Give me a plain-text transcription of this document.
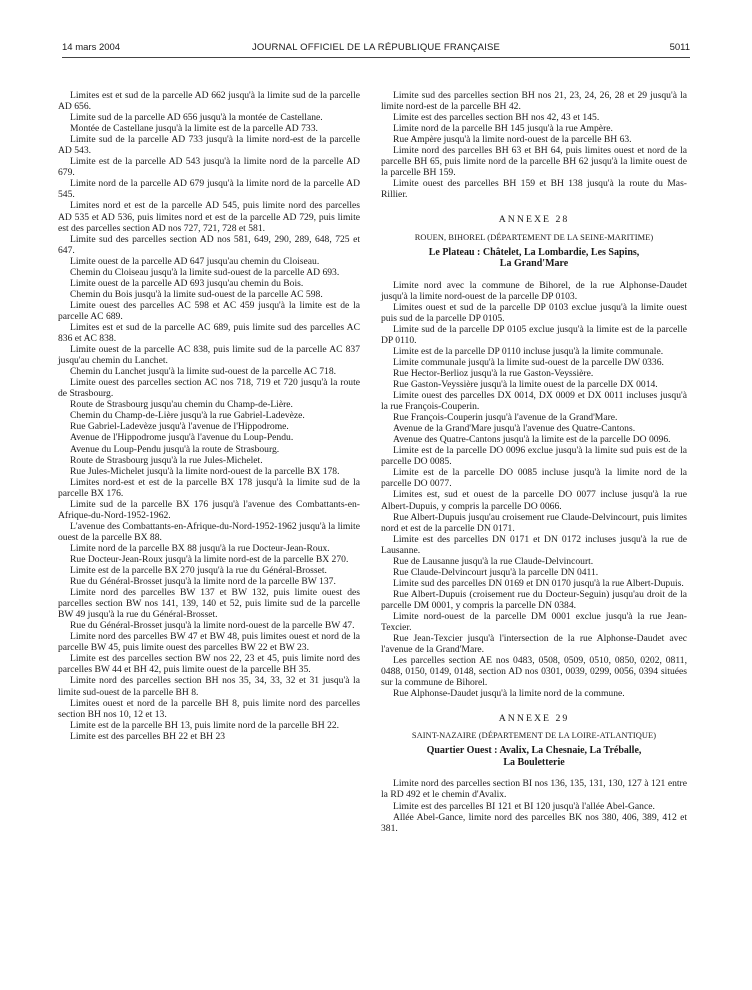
14 mars 2004	JOURNAL OFFICIEL DE LA RÉPUBLIQUE FRANÇAISE	5011

Limites est et sud de la parcelle AD 662 jusqu'à la limite sud de la parcelle AD 656.

Limite sud de la parcelle AD 656 jusqu'à la montée de Castellane.

Montée de Castellane jusqu'à la limite est de la parcelle AD 733.

Limite sud de la parcelle AD 733 jusqu'à la limite nord-est de la parcelle AD 543.

Limite est de la parcelle AD 543 jusqu'à la limite nord de la parcelle AD 679.

Limite nord de la parcelle AD 679 jusqu'à la limite nord de la parcelle AD 545.

Limites nord et est de la parcelle AD 545, puis limite nord des parcelles AD 535 et AD 536, puis limites nord et est de la parcelle AD 729, puis limite est des parcelles section AD nos 727, 721, 728 et 581.

Limite sud des parcelles section AD nos 581, 649, 290, 289, 648, 725 et 647.

Limite ouest de la parcelle AD 647 jusqu'au chemin du Cloiseau.

Chemin du Cloiseau jusqu'à la limite sud-ouest de la parcelle AD 693.

Limite ouest de la parcelle AD 693 jusqu'au chemin du Bois.

Chemin du Bois jusqu'à la limite sud-ouest de la parcelle AC 598.

Limite ouest des parcelles AC 598 et AC 459 jusqu'à la limite est de la parcelle AC 689.

Limites est et sud de la parcelle AC 689, puis limite sud des parcelles AC 836 et AC 838.

Limite ouest de la parcelle AC 838, puis limite sud de la parcelle AC 837 jusqu'au chemin du Lanchet.

Chemin du Lanchet jusqu'à la limite sud-ouest de la parcelle AC 718.

Limite ouest des parcelles section AC nos 718, 719 et 720 jusqu'à la route de Strasbourg.

Route de Strasbourg jusqu'au chemin du Champ-de-Lière.

Chemin du Champ-de-Lière jusqu'à la rue Gabriel-Ladevèze.

Rue Gabriel-Ladevèze jusqu'à l'avenue de l'Hippodrome.

Avenue de l'Hippodrome jusqu'à l'avenue du Loup-Pendu.

Avenue du Loup-Pendu jusqu'à la route de Strasbourg.

Route de Strasbourg jusqu'à la rue Jules-Michelet.

Rue Jules-Michelet jusqu'à la limite nord-ouest de la parcelle BX 178.

Limites nord-est et est de la parcelle BX 178 jusqu'à la limite sud de la parcelle BX 176.

Limite sud de la parcelle BX 176 jusqu'à l'avenue des Combattants-en-Afrique-du-Nord-1952-1962.

L'avenue des Combattants-en-Afrique-du-Nord-1952-1962 jusqu'à la limite ouest de la parcelle BX 88.

Limite nord de la parcelle BX 88 jusqu'à la rue Docteur-Jean-Roux.

Rue Docteur-Jean-Roux jusqu'à la limite nord-est de la parcelle BX 270.

Limite est de la parcelle BX 270 jusqu'à la rue du Général-Brosset.

Rue du Général-Brosset jusqu'à la limite nord de la parcelle BW 137.

Limite nord des parcelles BW 137 et BW 132, puis limite ouest des parcelles section BW nos 141, 139, 140 et 52, puis limite sud de la parcelle BW 49 jusqu'à la rue du Général-Brosset.

Rue du Général-Brosset jusqu'à la limite nord-ouest de la parcelle BW 47.

Limite nord des parcelles BW 47 et BW 48, puis limites ouest et nord de la parcelle BW 45, puis limite ouest des parcelles BW 22 et BW 23.

Limite est des parcelles section BW nos 22, 23 et 45, puis limite nord des parcelles BW 44 et BH 42, puis limite ouest de la parcelle BH 35.

Limite nord des parcelles section BH nos 35, 34, 33, 32 et 31 jusqu'à la limite sud-ouest de la parcelle BH 8.

Limites ouest et nord de la parcelle BH 8, puis limite nord des parcelles section BH nos 10, 12 et 13.

Limite est de la parcelle BH 13, puis limite nord de la parcelle BH 22.

Limite est des parcelles BH 22 et BH 23

Limite sud des parcelles section BH nos 21, 23, 24, 26, 28 et 29 jusqu'à la limite nord-est de la parcelle BH 42.

Limite est des parcelles section BH nos 42, 43 et 145.

Limite nord de la parcelle BH 145 jusqu'à la rue Ampère.

Rue Ampère jusqu'à la limite nord-ouest de la parcelle BH 63.

Limite nord des parcelles BH 63 et BH 64, puis limites ouest et nord de la parcelle BH 65, puis limite nord de la parcelle BH 62 jusqu'à la limite ouest de la parcelle BH 159.

Limite ouest des parcelles BH 159 et BH 138 jusqu'à la route du Mas-Rillier.

ANNEXE 28
ROUEN, BIHOREL (DÉPARTEMENT DE LA SEINE-MARITIME)
Le Plateau : Châtelet, La Lombardie, Les Sapins,
La Grand'Mare

Limite nord avec la commune de Bihorel, de la rue Alphonse-Daudet jusqu'à la limite nord-ouest de la parcelle DP 0103.

Limites ouest et sud de la parcelle DP 0103 exclue jusqu'à la limite ouest puis sud de la parcelle DP 0105.

Limite sud de la parcelle DP 0105 exclue jusqu'à la limite est de la parcelle DP 0110.

Limite est de la parcelle DP 0110 incluse jusqu'à la limite communale.

Limite communale jusqu'à la limite sud-ouest de la parcelle DW 0336.

Rue Hector-Berlioz jusqu'à la rue Gaston-Veyssière.

Rue Gaston-Veyssière jusqu'à la limite ouest de la parcelle DX 0014.

Limite ouest des parcelles DX 0014, DX 0009 et DX 0011 incluses jusqu'à la rue François-Couperin.

Rue François-Couperin jusqu'à l'avenue de la Grand'Mare.

Avenue de la Grand'Mare jusqu'à l'avenue des Quatre-Cantons.

Avenue des Quatre-Cantons jusqu'à la limite est de la parcelle DO 0096.

Limite est de la parcelle DO 0096 exclue jusqu'à la limite sud puis est de la parcelle DO 0085.

Limite est de la parcelle DO 0085 incluse jusqu'à la limite nord de la parcelle DO 0077.

Limites est, sud et ouest de la parcelle DO 0077 incluse jusqu'à la rue Albert-Dupuis, y compris la parcelle DO 0066.

Rue Albert-Dupuis jusqu'au croisement rue Claude-Delvincourt, puis limites nord et est de la parcelle DN 0171.

Limite est des parcelles DN 0171 et DN 0172 incluses jusqu'à la rue de Lausanne.

Rue de Lausanne jusqu'à la rue Claude-Delvincourt.

Rue Claude-Delvincourt jusqu'à la parcelle DN 0411.

Limite sud des parcelles DN 0169 et DN 0170 jusqu'à la rue Albert-Dupuis.

Rue Albert-Dupuis (croisement rue du Docteur-Seguin) jusqu'au droit de la parcelle DM 0001, y compris la parcelle DN 0384.

Limite nord-ouest de la parcelle DM 0001 exclue jusqu'à la rue Jean-Texcier.

Rue Jean-Texcier jusqu'à l'intersection de la rue Alphonse-Daudet avec l'avenue de la Grand'Mare.

Les parcelles section AE nos 0483, 0508, 0509, 0510, 0850, 0202, 0811, 0488, 0150, 0149, 0148, section AD nos 0301, 0039, 0299, 0056, 0394 situées sur la commune de Bihorel.

Rue Alphonse-Daudet jusqu'à la limite nord de la commune.

ANNEXE 29
SAINT-NAZAIRE (DÉPARTEMENT DE LA LOIRE-ATLANTIQUE)
Quartier Ouest : Avalix, La Chesnaie, La Tréballe,
La Bouletterie

Limite nord des parcelles section BI nos 136, 135, 131, 130, 127 à 121 entre la RD 492 et le chemin d'Avalix.

Limite est des parcelles BI 121 et BI 120 jusqu'à l'allée Abel-Gance.

Allée Abel-Gance, limite nord des parcelles BK nos 380, 406, 389, 412 et 381.
